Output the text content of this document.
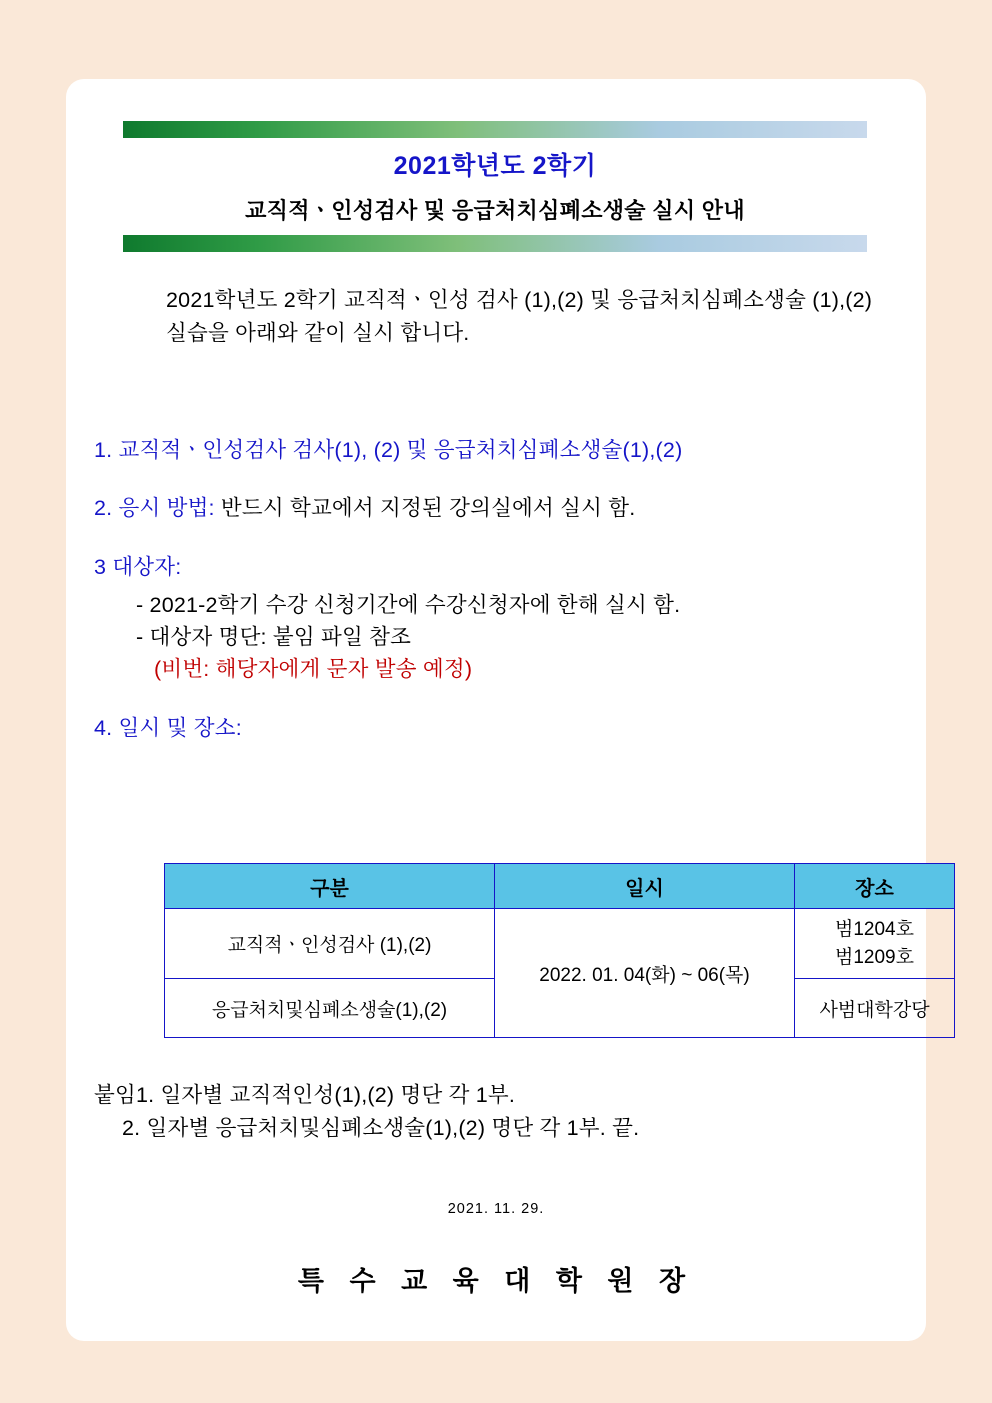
2021학년도 2학기
교직적ㆍ인성검사 및 응급처치심폐소생술 실시 안내
2021학년도 2학기 교직적ㆍ인성 검사 (1),(2) 및 응급처치심폐소생술 (1),(2) 실습을 아래와 같이 실시 합니다.
1. 교직적ㆍ인성검사 검사(1), (2) 및 응급처치심폐소생술(1),(2)
2. 응시 방법: 반드시 학교에서 지정된 강의실에서 실시 함.
3 대상자:
- 2021-2학기 수강 신청기간에 수강신청자에 한해 실시 함.
- 대상자 명단: 붙임 파일 참조
(비번: 해당자에게 문자 발송 예정)
4. 일시 및 장소:
구분	일시	장소
교직적ㆍ인성검사 (1),(2)	2022. 01. 04(화) ~ 06(목)	범1204호
범1209호
응급처치및심폐소생술(1),(2)		사범대학강당
붙임1. 일자별 교직적인성(1),(2) 명단 각 1부.
2. 일자별 응급처치및심폐소생술(1),(2) 명단 각 1부. 끝.
2021. 11. 29.
특 수 교 육 대 학 원 장
